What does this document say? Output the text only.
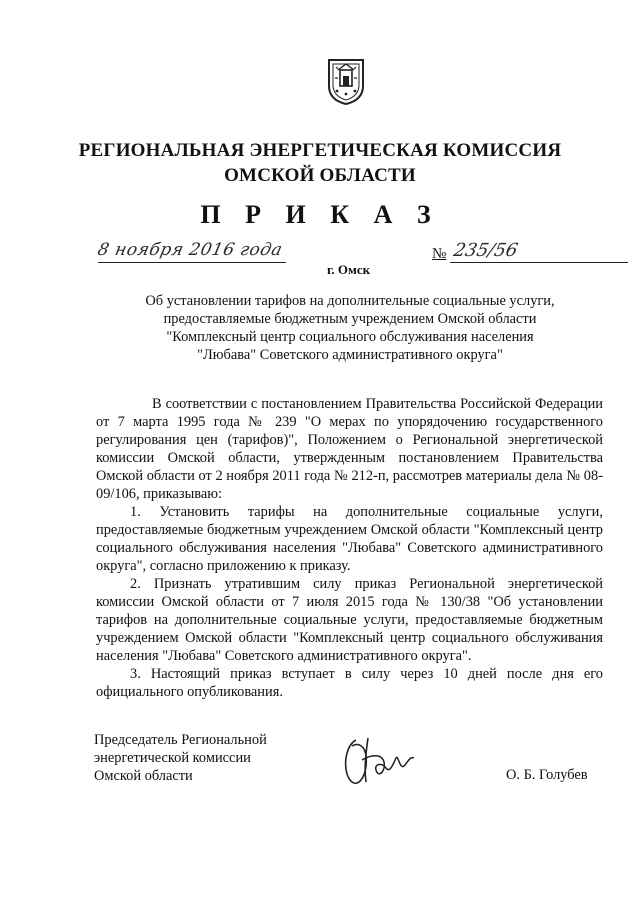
РЕГИОНАЛЬНАЯ ЭНЕРГЕТИЧЕСКАЯ КОМИССИЯ
ОМСКОЙ ОБЛАСТИ
П Р И К А З
8 ноября 2016 года	№ 235/56
г. Омск
Об установлении тарифов на дополнительные социальные услуги,
предоставляемые бюджетным учреждением Омской области
"Комплексный центр социального обслуживания населения
"Любава" Советского административного округа"
В соответствии с постановлением Правительства Российской Федерации от 7 марта 1995 года № 239 "О мерах по упорядочению государственного регулирования цен (тарифов)", Положением о Региональной энергетической комиссии Омской области, утвержденным постановлением Правительства Омской области от 2 ноября 2011 года № 212-п, рассмотрев материалы дела № 08-09/106, приказываю:
1. Установить тарифы на дополнительные социальные услуги, предоставляемые бюджетным учреждением Омской области "Комплексный центр социального обслуживания населения "Любава" Советского административного округа", согласно приложению к приказу.
2. Признать утратившим силу приказ Региональной энергетической комиссии Омской области от 7 июля 2015 года № 130/38 "Об установлении тарифов на дополнительные социальные услуги, предоставляемые бюджетным учреждением Омской области "Комплексный центр социального обслуживания населения "Любава" Советского административного округа".
3. Настоящий приказ вступает в силу через 10 дней после дня его официального опубликования.
Председатель Региональной
энергетической комиссии
Омской области	О. Б. Голубев
